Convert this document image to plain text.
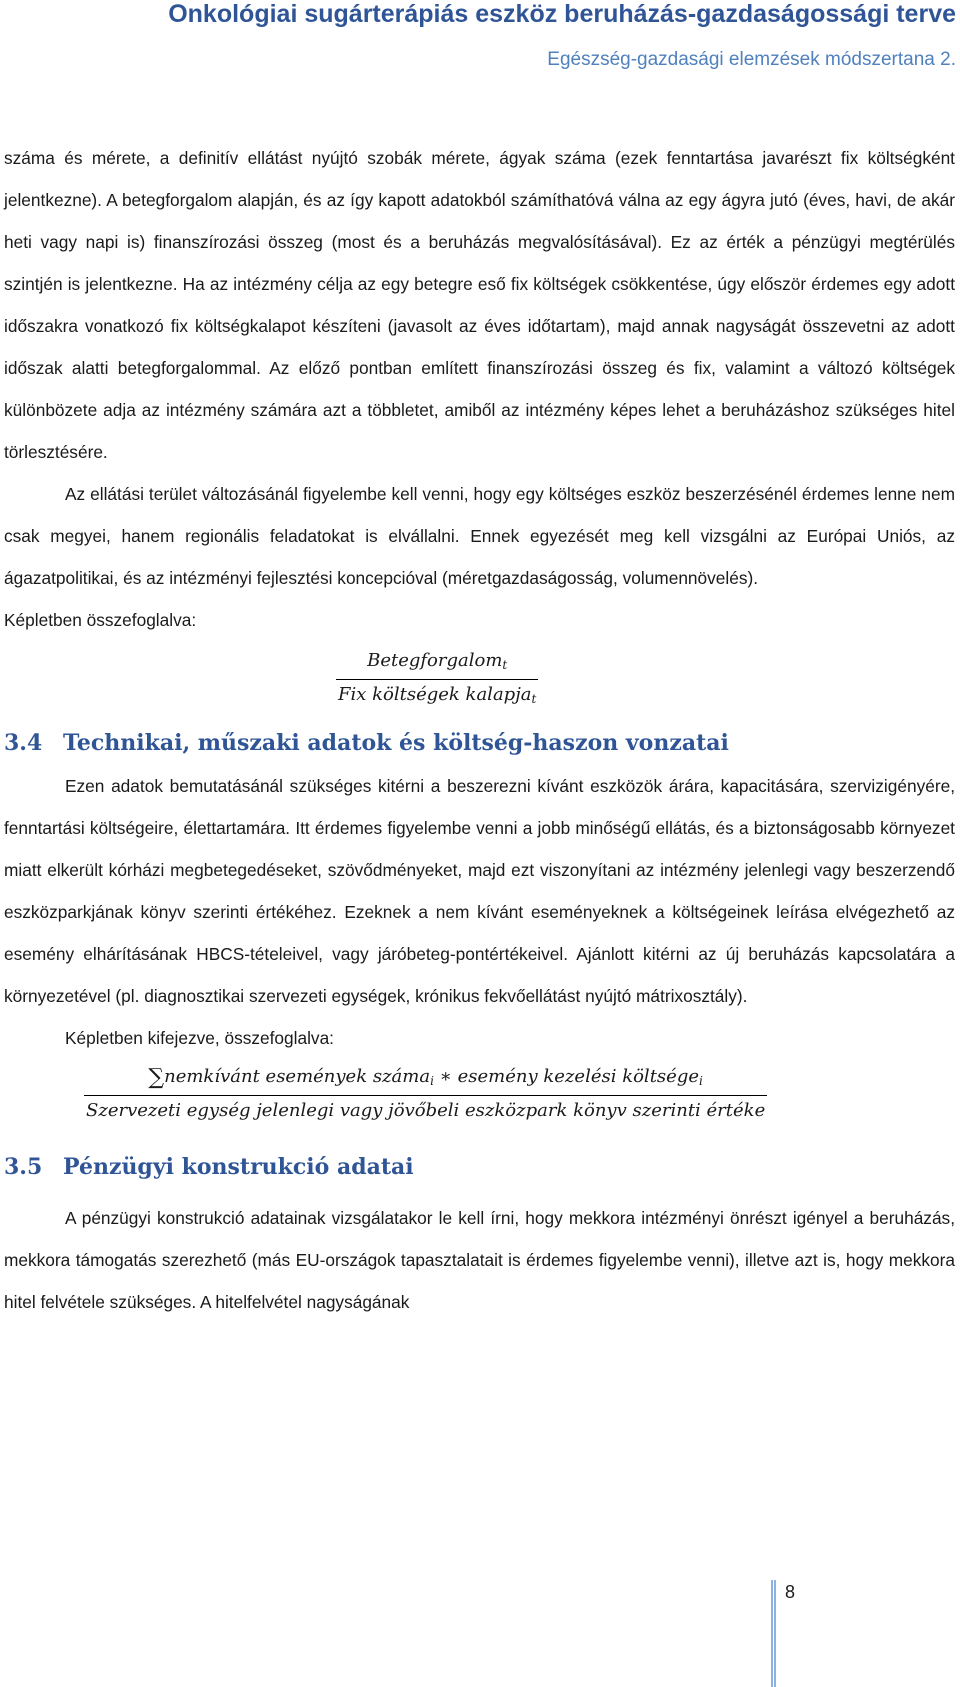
Onkológiai sugárterápiás eszköz beruházás-gazdaságossági terve
Egészség-gazdasági elemzések módszertana 2.

száma és mérete, a definitív ellátást nyújtó szobák mérete, ágyak száma (ezek fenntartása javarészt fix költségként jelentkezne). A betegforgalom alapján, és az így kapott adatokból számíthatóvá válna az egy ágyra jutó (éves, havi, de akár heti vagy napi is) finanszírozási összeg (most és a beruházás megvalósításával). Ez az érték a pénzügyi megtérülés szintjén is jelentkezne. Ha az intézmény célja az egy betegre eső fix költségek csökkentése, úgy először érdemes egy adott időszakra vonatkozó fix költségkalapot készíteni (javasolt az éves időtartam), majd annak nagyságát összevetni az adott időszak alatti betegforgalommal. Az előző pontban említett finanszírozási összeg és fix, valamint a változó költségek különbözete adja az intézmény számára azt a többletet, amiből az intézmény képes lehet a beruházáshoz szükséges hitel törlesztésére.

Az ellátási terület változásánál figyelembe kell venni, hogy egy költséges eszköz beszerzésénél érdemes lenne nem csak megyei, hanem regionális feladatokat is elvállalni. Ennek egyezését meg kell vizsgálni az Európai Uniós, az ágazatpolitikai, és az intézményi fejlesztési koncepcióval (méretgazdaságosság, volumennövelés).

Képletben összefoglalva:

$\frac{Betegforgalom_t}{Fix költségek kalapja_t}$
3.4 Technikai, műszaki adatok és költség-haszon vonzatai

Ezen adatok bemutatásánál szükséges kitérni a beszerezni kívánt eszközök árára, kapacitására, szervizigényére, fenntartási költségeire, élettartamára. Itt érdemes figyelembe venni a jobb minőségű ellátás, és a biztonságosabb környezet miatt elkerült kórházi megbetegedéseket, szövődményeket, majd ezt viszonyítani az intézmény jelenlegi vagy beszerzendő eszközparkjának könyv szerinti értékéhez. Ezeknek a nem kívánt eseményeknek a költségeinek leírása elvégezhető az esemény elhárításának HBCS-tételeivel, vagy járóbeteg-pontértékeivel. Ajánlott kitérni az új beruházás kapcsolatára a környezetével (pl. diagnosztikai szervezeti egységek, krónikus fekvőellátást nyújtó mátrixosztály).

Képletben kifejezve, összefoglalva:

∑nemkívánt események száma$_i$ ∗ esemény kezelési költsége$_i$
Szervezeti egység jelenlegi vagy jövőbeli eszközpark könyv szerinti értéke
3.5 Pénzügyi konstrukció adatai

A pénzügyi konstrukció adatainak vizsgálatakor le kell írni, hogy mekkora intézményi önrészt igényel a beruházás, mekkora támogatás szerezhető (más EU-országok tapasztalatait is érdemes figyelembe venni), illetve azt is, hogy mekkora hitel felvétele szükséges. A hitelfelvétel nagyságának

8
